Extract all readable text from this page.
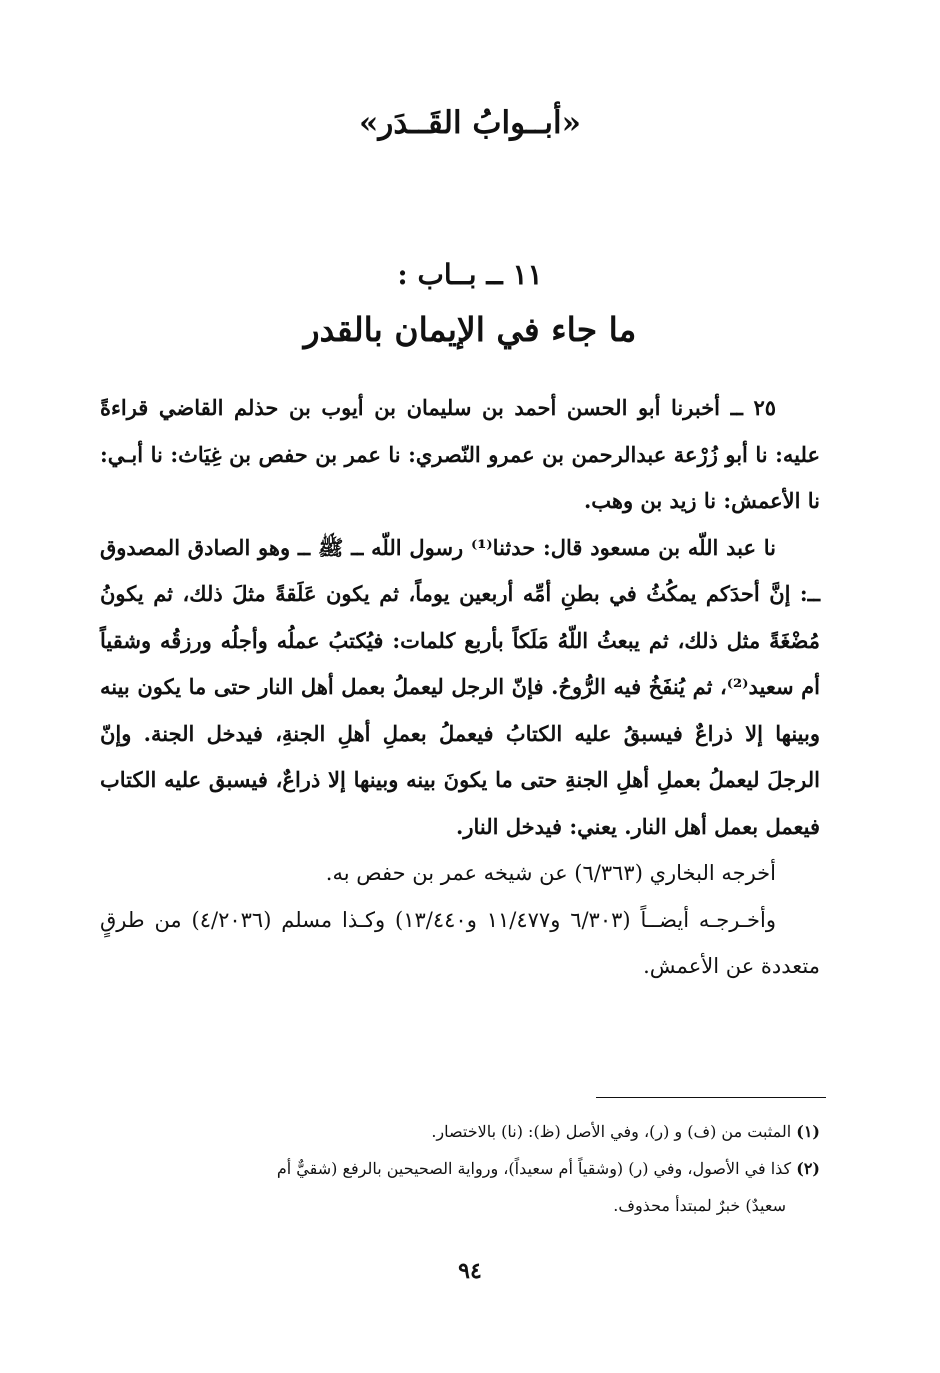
«أبــوابُ القَــدَر»
١١ ــ بــاب :
ما جاء في الإيمان بالقدر

٢٥ ــ أخبرنا أبو الحسن أحمد بن سليمان بن أيوب بن حذلم القاضي قراءةً عليه: نا أبو زُرْعة عبدالرحمن بن عمرو النّصري: نا عمر بن حفص بن غِيَاث: نا أبـي: نا الأعمش: نا زيد بن وهب.

نا عبد اللّه بن مسعود قال: حدثنا⁽¹⁾ رسول اللّه ــ ﷺ ــ وهو الصادق المصدوق ــ: إنَّ أحدَكم يمكُثُ في بطنِ أمِّه أربعين يوماً، ثم يكون عَلَقةً مثلَ ذلك، ثم يكونُ مُضْغَةً مثل ذلك، ثم يبعثُ اللّهُ مَلَكاً بأربع كلمات: فيُكتبُ عملُه وأجلُه ورزقُه وشقياً أم سعيد⁽²⁾، ثم يُنفَخُ فيه الرُّوحُ. فإنّ الرجل ليعملُ بعمل أهل النار حتى ما يكون بينه وبينها إلا ذراعٌ فيسبقُ عليه الكتابُ فيعملُ بعملِ أهلِ الجنةِ، فيدخل الجنة. وإنّ الرجلَ ليعملُ بعملِ أهلِ الجنةِ حتى ما يكونَ بينه وبينها إلا ذراعٌ، فيسبق عليه الكتاب فيعمل بعمل أهل النار. يعني: فيدخل النار.

أخرجه البخاري (٦/٣٦٣) عن شيخه عمر بن حفص به.

وأخـرجـه أيضــاً (٦/٣٠٣ و١١/٤٧٧ و١٣/٤٤٠) وكـذا مسلم (٤/٢٠٣٦) من طرقٍ متعددة عن الأعمش.

(١) المثبت من (ف) و (ر)، وفي الأصل (ظ): (نا) بالاختصار.

(٢) كذا في الأصول، وفي (ر) (وشقياً أم سعيداً)، ورواية الصحيحين بالرفع (شقيٌّ أم

سعيدٌ) خبرٌ لمبتدأ محذوف.

٩٤
